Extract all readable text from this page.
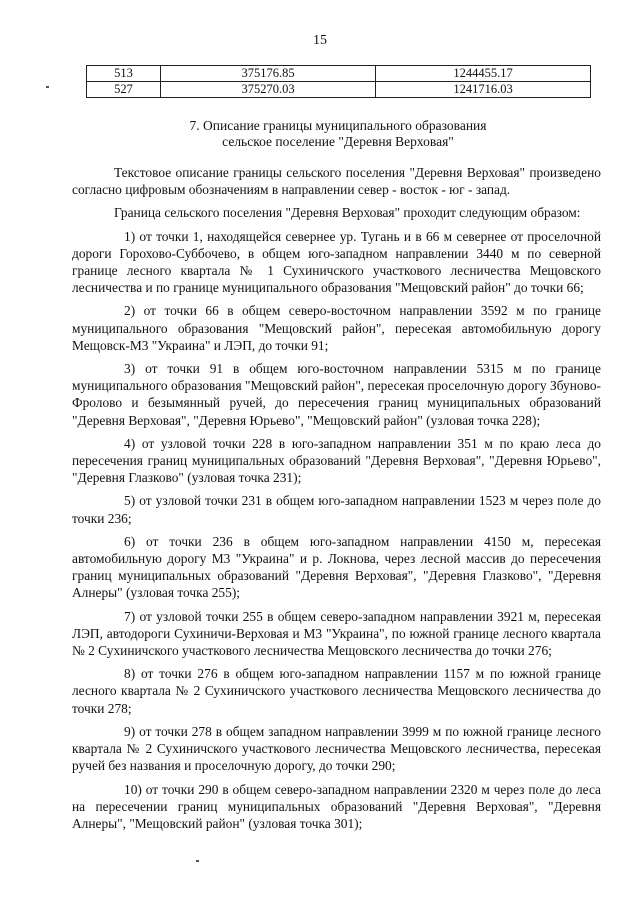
15
513	375176.85	1244455.17
527	375270.03	1241716.03
7. Описание границы муниципального образования
сельское поселение "Деревня Верховая"

Текстовое описание границы сельского поселения "Деревня Верховая" произведено согласно цифровым обозначениям в направлении север - восток - юг - запад.

Граница сельского поселения "Деревня Верховая" проходит следующим образом:

1) от точки 1, находящейся севернее ур. Тугань и в 66 м севернее от проселочной дороги Горохово-Суббочево, в общем юго-западном направлении 3440 м по северной границе лесного квартала № 1 Сухиничского участкового лесничества Мещовского лесничества и по границе муниципального образования "Мещовский район" до точки 66;

2) от точки 66 в общем северо-восточном направлении 3592 м по границе муниципального образования "Мещовский район", пересекая автомобильную дорогу Мещовск-М3 "Украина" и ЛЭП, до точки 91;

3) от точки 91 в общем юго-восточном направлении 5315 м по границе муниципального образования "Мещовский район", пересекая проселочную дорогу Збуново-Фролово и безымянный ручей, до пересечения границ муниципальных образований "Деревня Верховая", "Деревня Юрьево", "Мещовский район" (узловая точка 228);

4) от узловой точки 228 в юго-западном направлении 351 м по краю леса до пересечения границ муниципальных образований "Деревня Верховая", "Деревня Юрьево", "Деревня Глазково" (узловая точка 231);

5) от узловой точки 231 в общем юго-западном направлении 1523 м через поле до точки 236;

6) от точки 236 в общем юго-западном направлении 4150 м, пересекая автомобильную дорогу М3 "Украина" и р. Локнова, через лесной массив до пересечения границ муниципальных образований "Деревня Верховая", "Деревня Глазково", "Деревня Алнеры" (узловая точка 255);

7) от узловой точки 255 в общем северо-западном направлении 3921 м, пересекая ЛЭП, автодороги Сухиничи-Верховая и М3 "Украина", по южной границе лесного квартала № 2 Сухиничского участкового лесничества Мещовского лесничества до точки 276;

8) от точки 276 в общем юго-западном направлении 1157 м по южной границе лесного квартала № 2 Сухиничского участкового лесничества Мещовского лесничества до точки 278;

9) от точки 278 в общем западном направлении 3999 м по южной границе лесного квартала № 2 Сухиничского участкового лесничества Мещовского лесничества, пересекая ручей без названия и проселочную дорогу, до точки 290;

10) от точки 290 в общем северо-западном направлении 2320 м через поле до леса на пересечении границ муниципальных образований "Деревня Верховая", "Деревня Алнеры", "Мещовский район" (узловая точка 301);
